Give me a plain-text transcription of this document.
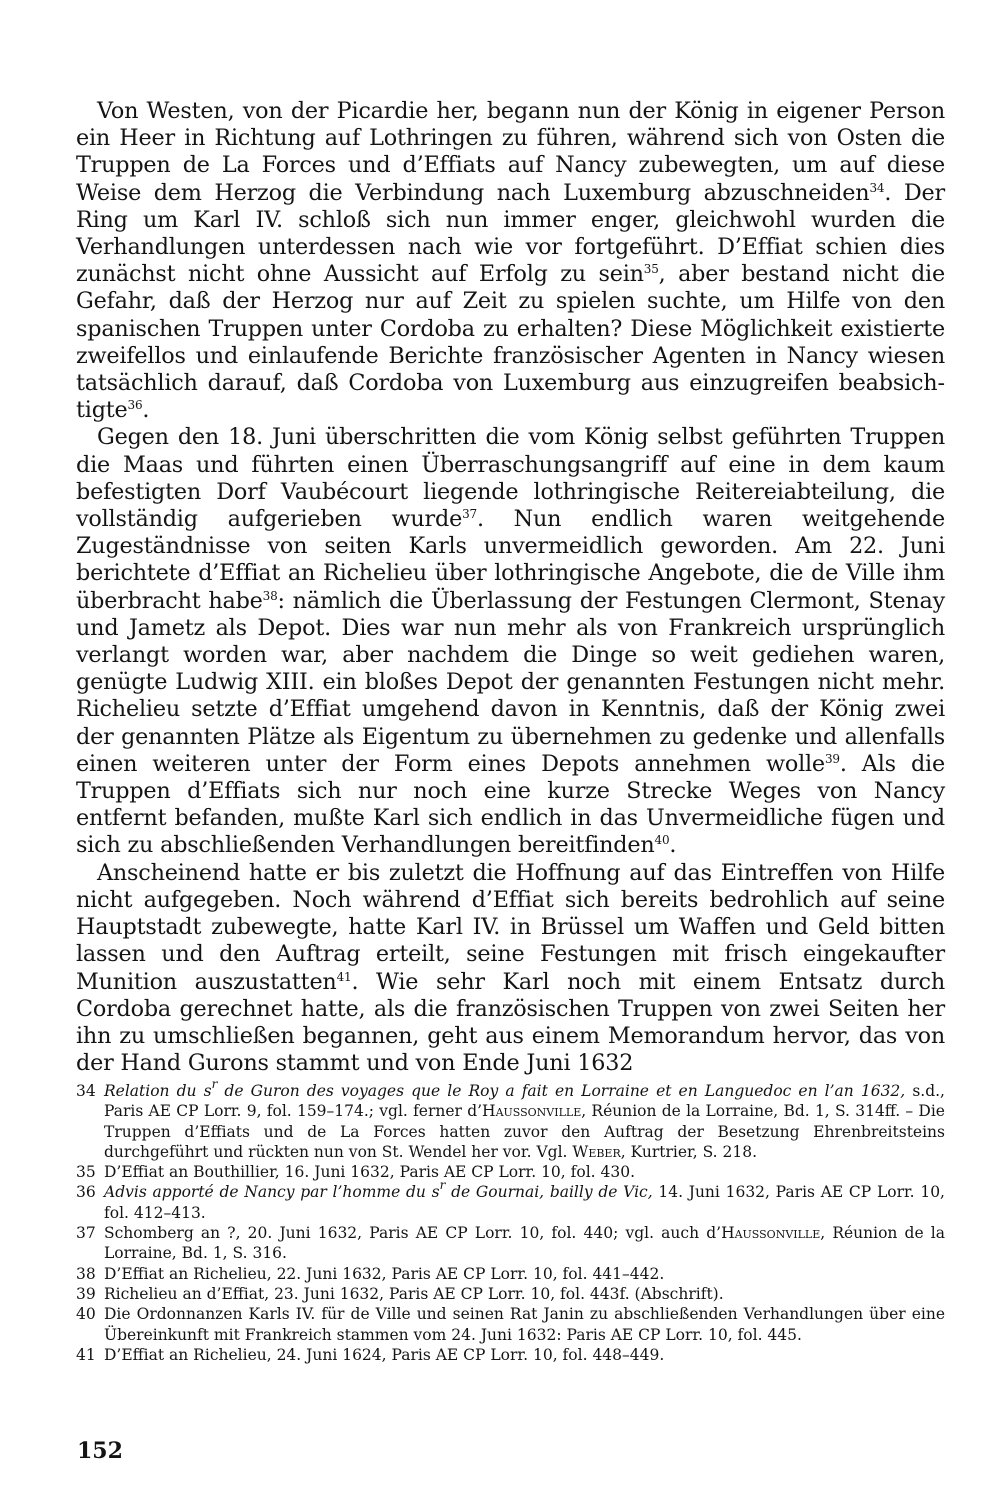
Von Westen, von der Picardie her, begann nun der König in eigener Person ein Heer in Richtung auf Lothringen zu führen, während sich von Osten die Truppen de La Forces und d’Effiats auf Nancy zubewegten, um auf diese Weise dem Herzog die Verbindung nach Luxemburg abzuschneiden$^{34}$. Der Ring um Karl IV. schloß sich nun immer enger, gleichwohl wurden die Verhandlungen unterdessen nach wie vor fortgeführt. D’Effiat schien dies zunächst nicht ohne Aussicht auf Erfolg zu sein$^{35}$, aber bestand nicht die Gefahr, daß der Herzog nur auf Zeit zu spielen suchte, um Hilfe von den spanischen Truppen unter Cordoba zu erhalten? Diese Möglichkeit existierte zweifellos und einlaufende Berichte französischer Agenten in Nancy wiesen tatsächlich darauf, daß Cordoba von Luxemburg aus einzugreifen beabsichtigte$^{36}$.

Gegen den 18. Juni überschritten die vom König selbst geführten Truppen die Maas und führten einen Überraschungsangriff auf eine in dem kaum befestigten Dorf Vaubécourt liegende lothringische Reitereiabteilung, die vollständig aufgerieben wurde$^{37}$. Nun endlich waren weitgehende Zugeständnisse von seiten Karls unvermeidlich geworden. Am 22. Juni berichtete d’Effiat an Richelieu über lothringische Angebote, die de Ville ihm überbracht habe$^{38}$: nämlich die Überlassung der Festungen Clermont, Stenay und Jametz als Depot. Dies war nun mehr als von Frankreich ursprünglich verlangt worden war, aber nachdem die Dinge so weit gediehen waren, genügte Ludwig XIII. ein bloßes Depot der genannten Festungen nicht mehr. Richelieu setzte d’Effiat umgehend davon in Kenntnis, daß der König zwei der genannten Plätze als Eigentum zu übernehmen zu gedenke und allenfalls einen weiteren unter der Form eines Depots annehmen wolle$^{39}$. Als die Truppen d’Effiats sich nur noch eine kurze Strecke Weges von Nancy entfernt befanden, mußte Karl sich endlich in das Unvermeidliche fügen und sich zu abschließenden Verhandlungen bereitfinden$^{40}$.

Anscheinend hatte er bis zuletzt die Hoffnung auf das Eintreffen von Hilfe nicht aufgegeben. Noch während d’Effiat sich bereits bedrohlich auf seine Hauptstadt zubewegte, hatte Karl IV. in Brüssel um Waffen und Geld bitten lassen und den Auftrag erteilt, seine Festungen mit frisch eingekaufter Munition auszustatten$^{41}$. Wie sehr Karl noch mit einem Entsatz durch Cordoba gerechnet hatte, als die französischen Truppen von zwei Seiten her ihn zu umschließen begannen, geht aus einem Memorandum hervor, das von der Hand Gurons stammt und von Ende Juni 1632

34 Relation du $s^r$ de Guron des voyages que le Roy a fait en Lorraine et en Languedoc en l’an 1632, s.d., Paris AE CP Lorr. 9, fol. 159–174.; vgl. ferner d’Haussonville, Réunion de la Lorraine, Bd. 1, S. 314ff. – Die Truppen d’Effiats und de La Forces hatten zuvor den Auftrag der Besetzung Ehrenbreitsteins durchgeführt und rückten nun von St. Wendel her vor. Vgl. Weber, Kurtrier, S. 218.
35 D’Effiat an Bouthillier, 16. Juni 1632, Paris AE CP Lorr. 10, fol. 430.
36 Advis apporté de Nancy par l’homme du $s^r$ de Gournai, bailly de Vic, 14. Juni 1632, Paris AE CP Lorr. 10, fol. 412–413.
37 Schomberg an ?, 20. Juni 1632, Paris AE CP Lorr. 10, fol. 440; vgl. auch d’Haussonville, Réunion de la Lorraine, Bd. 1, S. 316.
38 D’Effiat an Richelieu, 22. Juni 1632, Paris AE CP Lorr. 10, fol. 441–442.
39 Richelieu an d’Effiat, 23. Juni 1632, Paris AE CP Lorr. 10, fol. 443f. (Abschrift).
40 Die Ordonnanzen Karls IV. für de Ville und seinen Rat Janin zu abschließenden Verhandlungen über eine Übereinkunft mit Frankreich stammen vom 24. Juni 1632: Paris AE CP Lorr. 10, fol. 445.
41 D’Effiat an Richelieu, 24. Juni 1624, Paris AE CP Lorr. 10, fol. 448–449.
152
